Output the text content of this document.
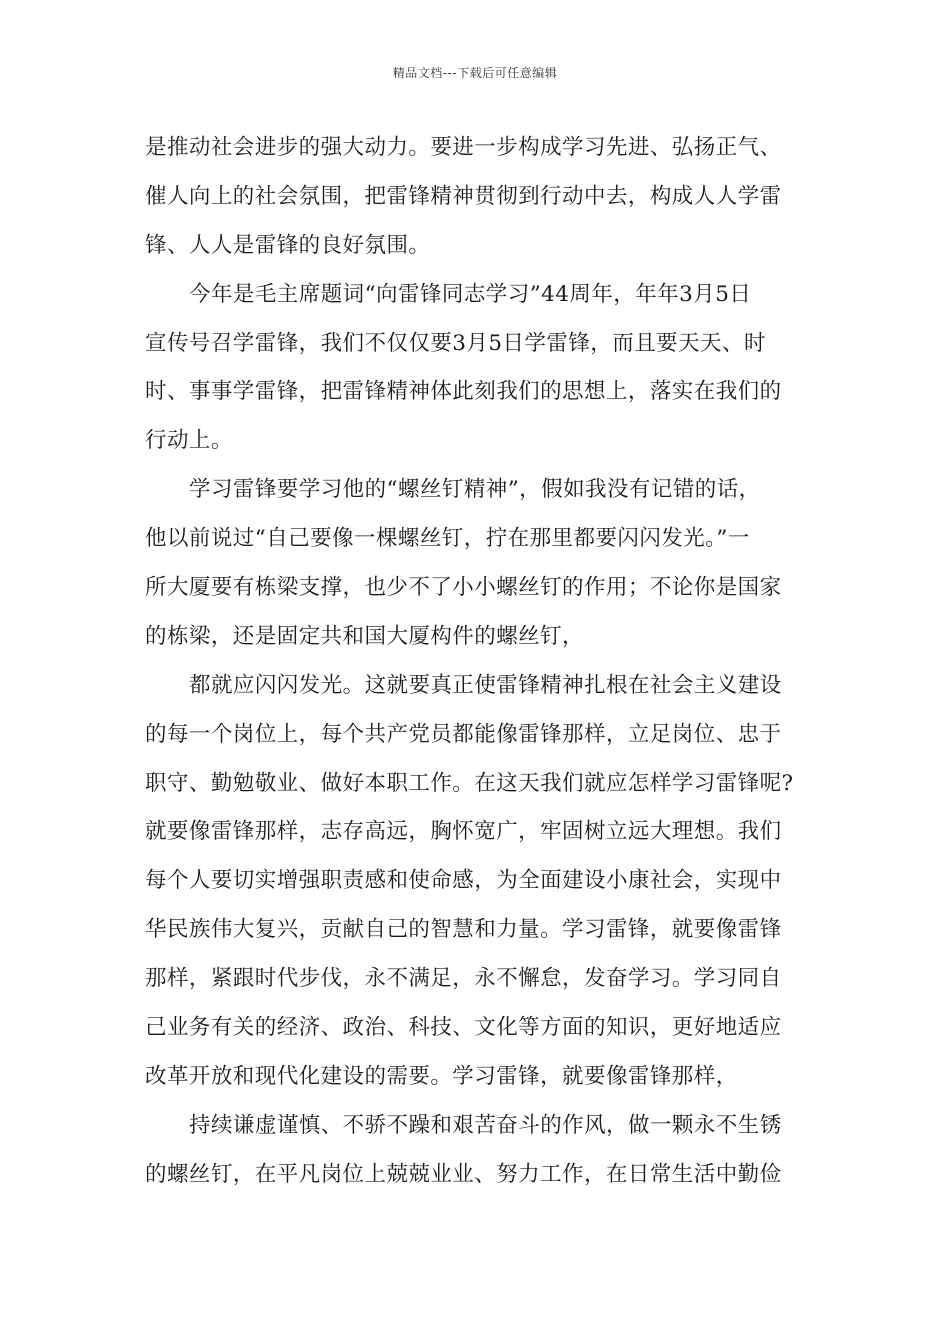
精品文档---下载后可任意编辑
是推动社会进步的强大动力。要进一步构成学习先进、弘扬正气、
催人向上的社会氛围，把雷锋精神贯彻到行动中去，构成人人学雷
锋、人人是雷锋的良好氛围。
今年是毛主席题词“向雷锋同志学习”44周年，年年3月5日
宣传号召学雷锋，我们不仅仅要3月5日学雷锋，而且要天天、时
时、事事学雷锋，把雷锋精神体此刻我们的思想上，落实在我们的
行动上。
学习雷锋要学习他的“螺丝钉精神”，假如我没有记错的话，
他以前说过“自己要像一棵螺丝钉，拧在那里都要闪闪发光。”一
所大厦要有栋梁支撑，也少不了小小螺丝钉的作用；不论你是国家
的栋梁，还是固定共和国大厦构件的螺丝钉，
都就应闪闪发光。这就要真正使雷锋精神扎根在社会主义建设
的每一个岗位上，每个共产党员都能像雷锋那样，立足岗位、忠于
职守、勤勉敬业、做好本职工作。在这天我们就应怎样学习雷锋呢?
就要像雷锋那样，志存高远，胸怀宽广，牢固树立远大理想。我们
每个人要切实增强职责感和使命感，为全面建设小康社会，实现中
华民族伟大复兴，贡献自己的智慧和力量。学习雷锋，就要像雷锋
那样，紧跟时代步伐，永不满足，永不懈怠，发奋学习。学习同自
己业务有关的经济、政治、科技、文化等方面的知识，更好地适应
改革开放和现代化建设的需要。学习雷锋，就要像雷锋那样，
持续谦虚谨慎、不骄不躁和艰苦奋斗的作风，做一颗永不生锈
的螺丝钉，在平凡岗位上兢兢业业、努力工作，在日常生活中勤俭
